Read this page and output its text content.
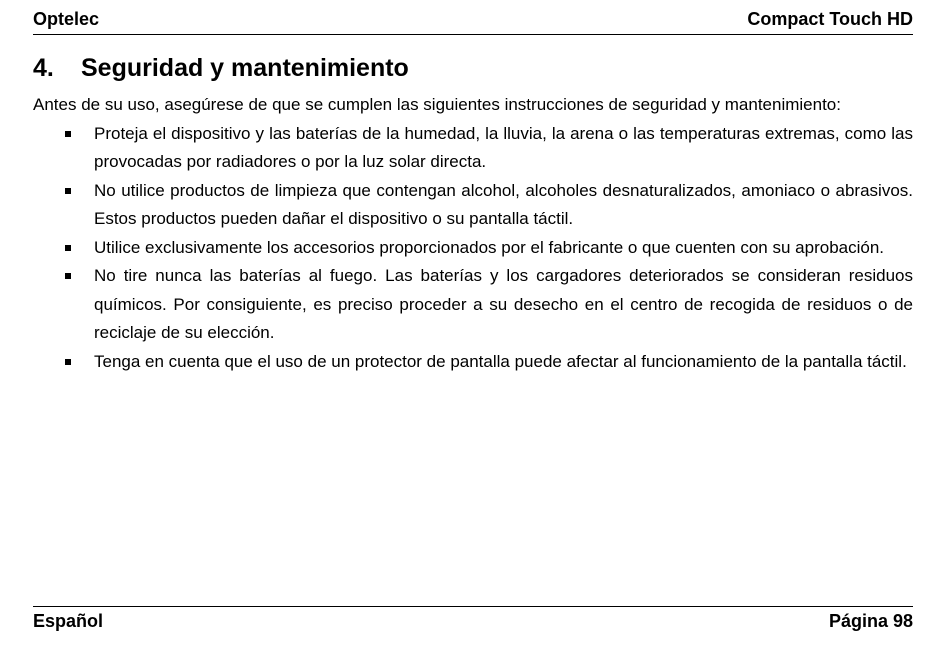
Optelec	Compact Touch HD
4. Seguridad y mantenimiento

Antes de su uso, asegúrese de que se cumplen las siguientes instrucciones de seguridad y mantenimiento:

Proteja el dispositivo y las baterías de la humedad, la lluvia, la arena o las temperaturas extremas, como las provocadas por radiadores o por la luz solar directa.
No utilice productos de limpieza que contengan alcohol, alcoholes desnaturalizados, amoniaco o abrasivos. Estos productos pueden dañar el dispositivo o su pantalla táctil.
Utilice exclusivamente los accesorios proporcionados por el fabricante o que cuenten con su aprobación.
No tire nunca las baterías al fuego. Las baterías y los cargadores deteriorados se consideran residuos químicos. Por consiguiente, es preciso proceder a su desecho en el centro de recogida de residuos o de reciclaje de su elección.
Tenga en cuenta que el uso de un protector de pantalla puede afectar al funcionamiento de la pantalla táctil.
Español	Página 98
